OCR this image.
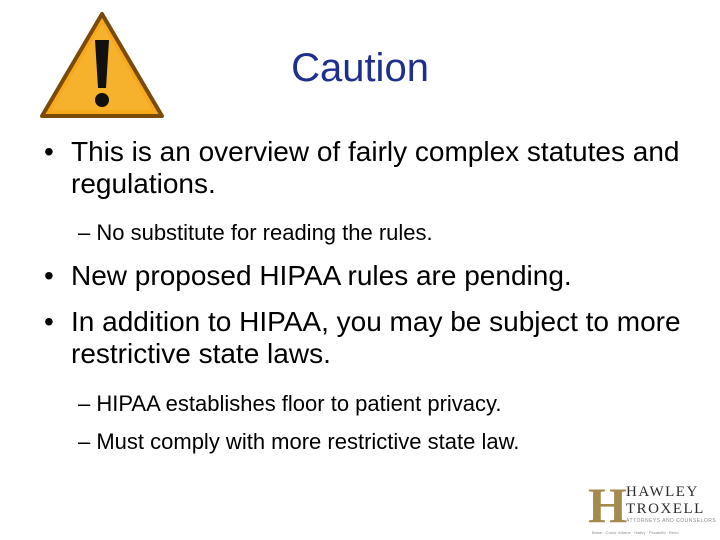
Caution
• This is an overview of fairly complex statutes and regulations.
– No substitute for reading the rules.
• New proposed HIPAA rules are pending.
• In addition to HIPAA, you may be subject to more restrictive state laws.
– HIPAA establishes floor to patient privacy.
– Must comply with more restrictive state law.
H HAWLEY
TROXELL
ATTORNEYS AND COUNSELORS
Boise · Coeur d'Alene · Hailey · Pocatello · Reno
